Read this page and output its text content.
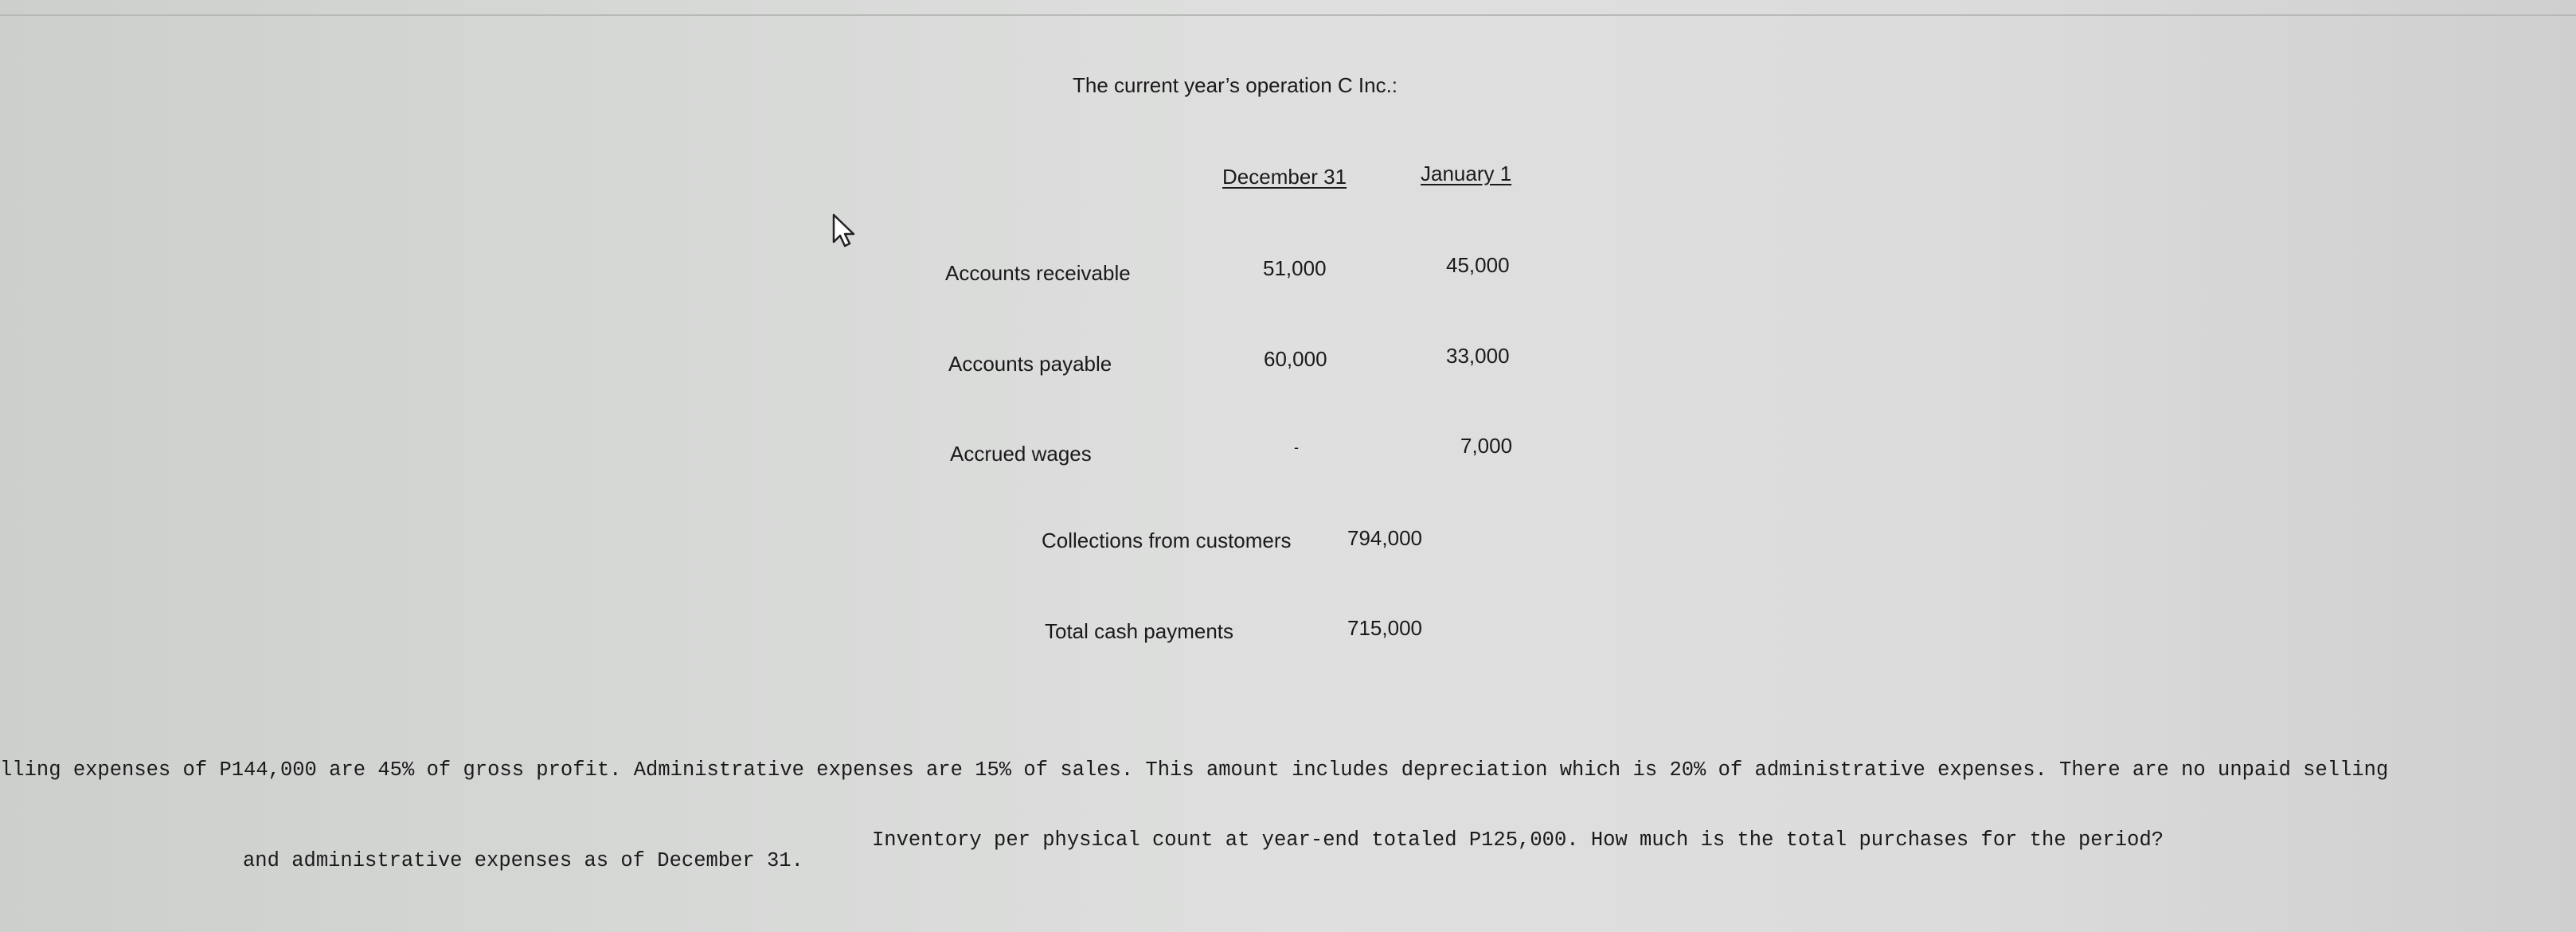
The current year’s operation C Inc.:
December 31	January 1
Accounts receivable	51,000	45,000
Accounts payable	60,000	33,000
Accrued wages	-	7,000
Collections from customers	794,000
Total cash payments	715,000
lling expenses of P144,000 are 45% of gross profit. Administrative expenses are 15% of sales. This amount includes depreciation which is 20% of administrative expenses. There are no unpaid selling
and administrative expenses as of December 31.
Inventory per physical count at year-end totaled P125,000. How much is the total purchases for the period?
